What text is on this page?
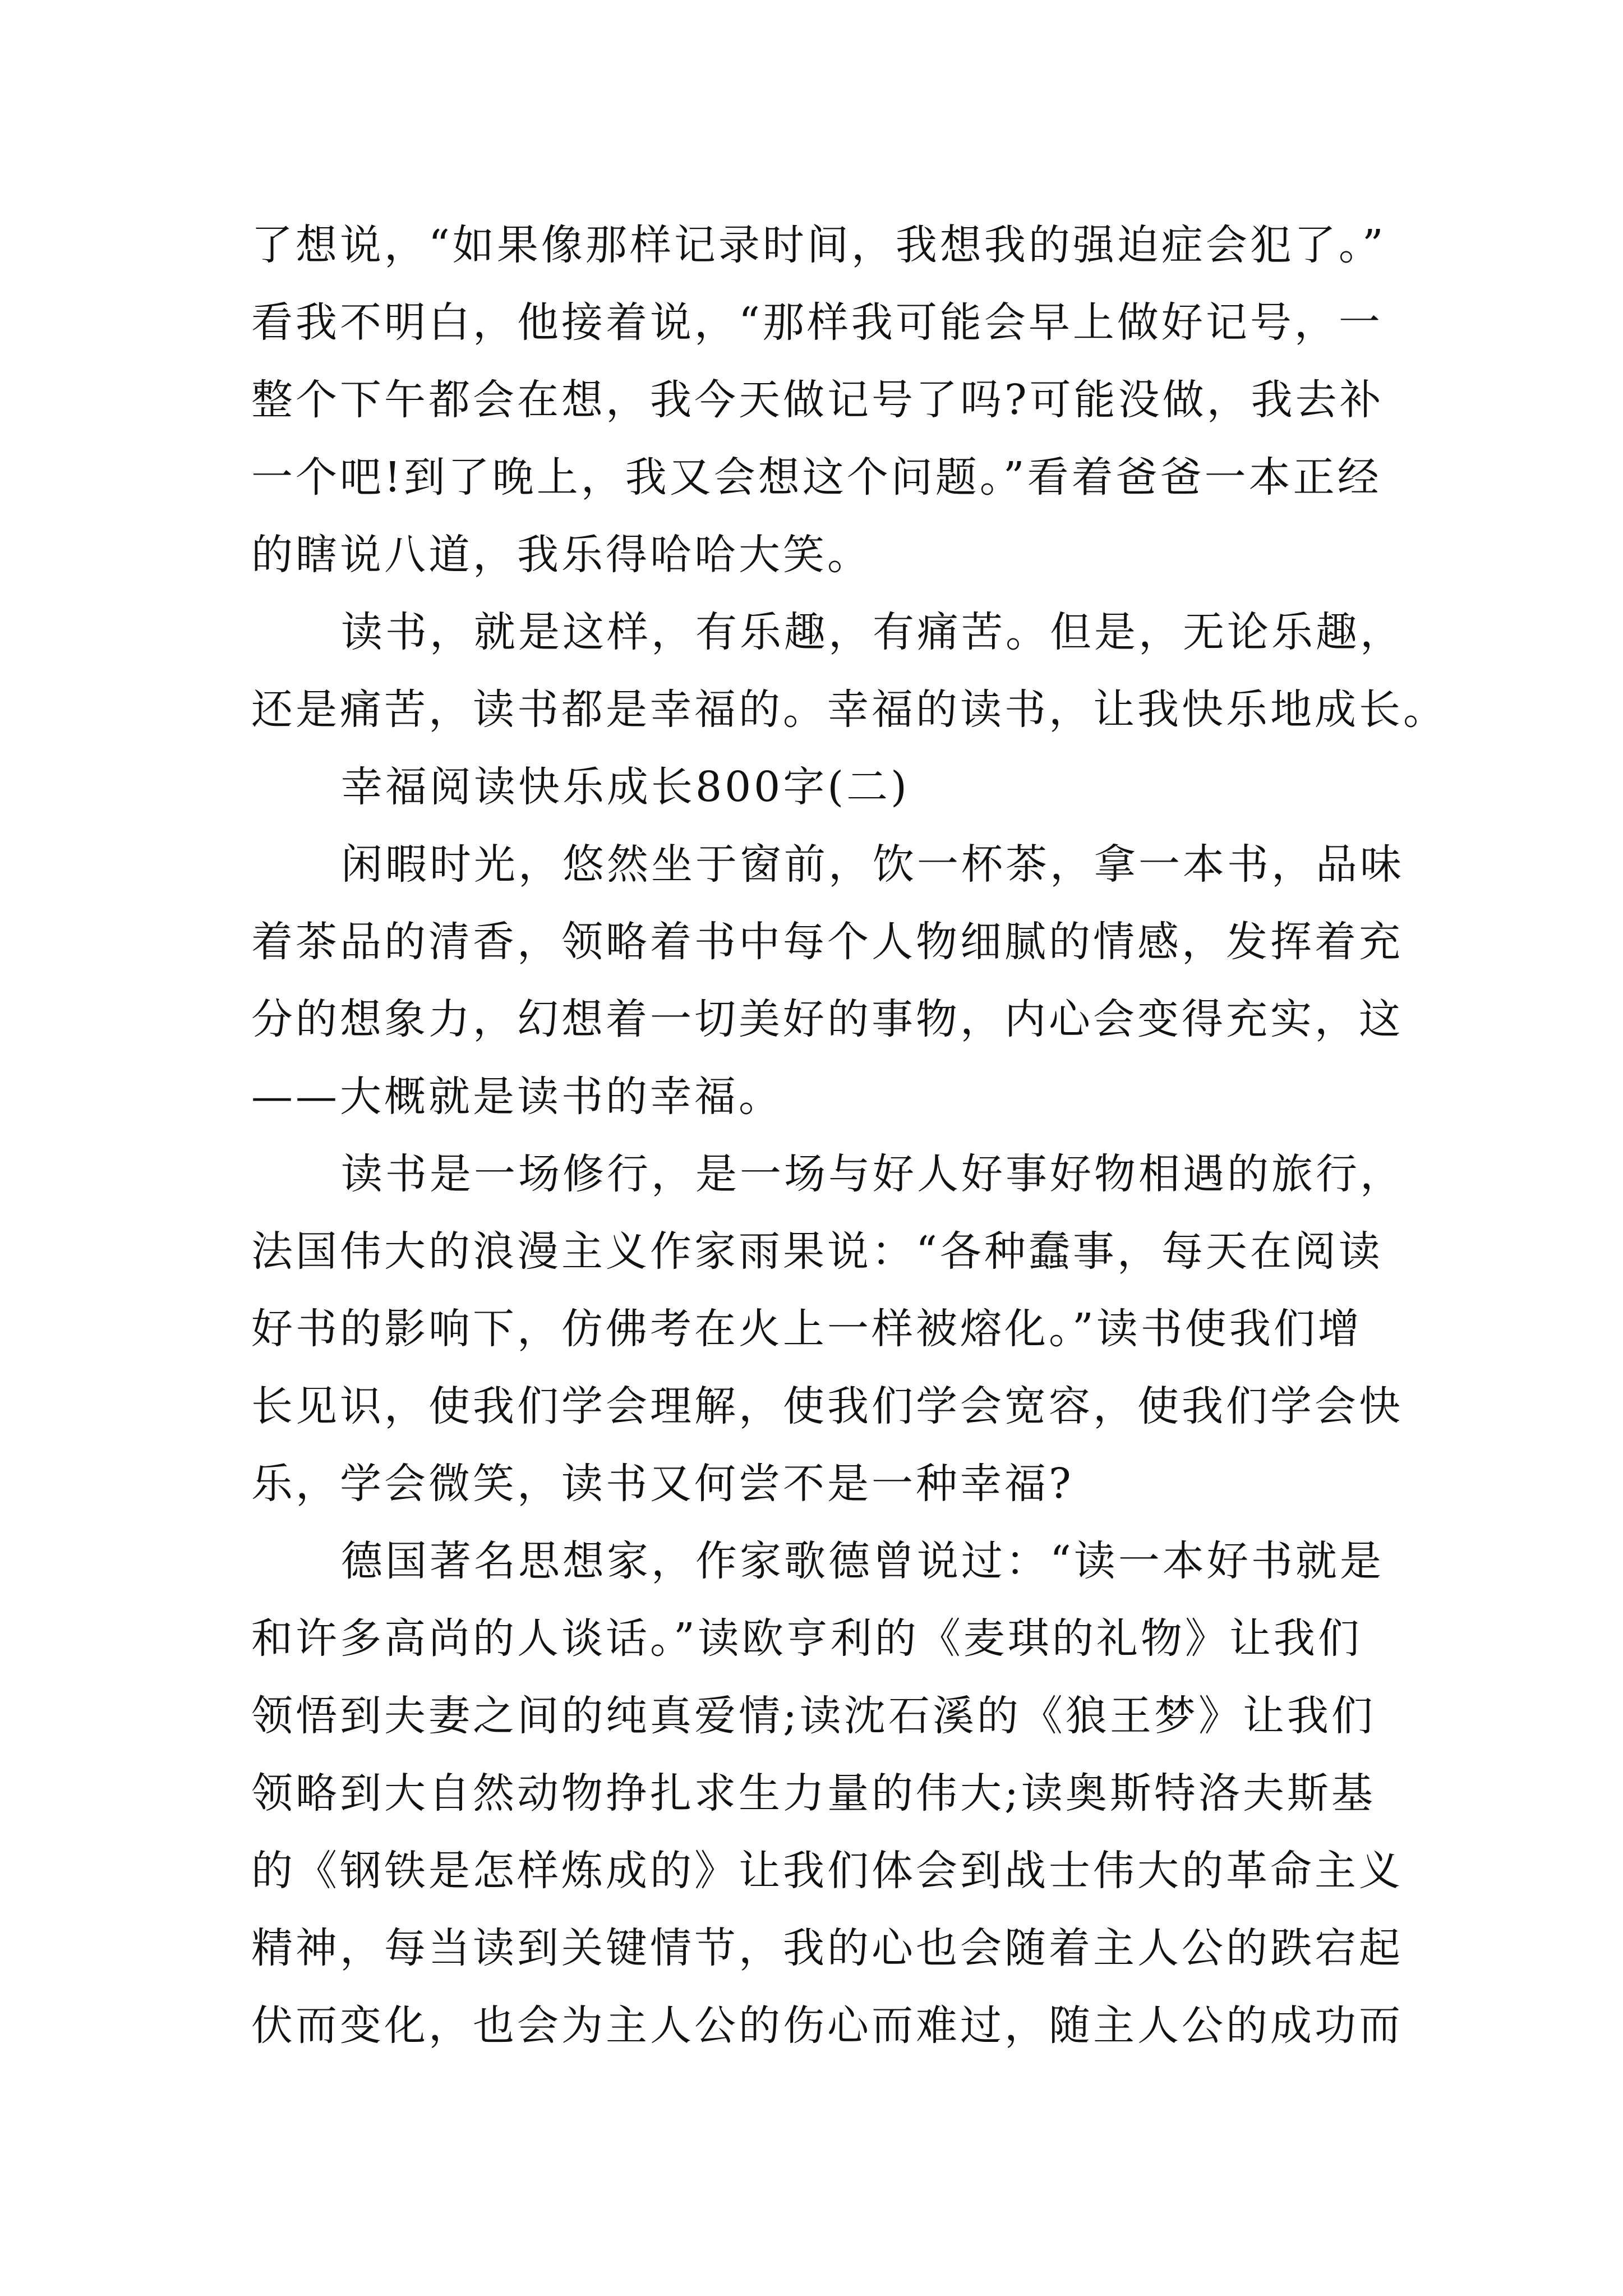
了想说，“如果像那样记录时间，我想我的强迫症会犯了。”
看我不明白，他接着说，“那样我可能会早上做好记号，一
整个下午都会在想，我今天做记号了吗?可能没做，我去补
一个吧!到了晚上，我又会想这个问题。”看着爸爸一本正经
的瞎说八道，我乐得哈哈大笑。
读书，就是这样，有乐趣，有痛苦。但是，无论乐趣，
还是痛苦，读书都是幸福的。幸福的读书，让我快乐地成长。
幸福阅读快乐成长800字(二)
闲暇时光，悠然坐于窗前，饮一杯茶，拿一本书，品味
着茶品的清香，领略着书中每个人物细腻的情感，发挥着充
分的想象力，幻想着一切美好的事物，内心会变得充实，这
——大概就是读书的幸福。
读书是一场修行，是一场与好人好事好物相遇的旅行，
法国伟大的浪漫主义作家雨果说：“各种蠢事，每天在阅读
好书的影响下，仿佛考在火上一样被熔化。”读书使我们增
长见识，使我们学会理解，使我们学会宽容，使我们学会快
乐，学会微笑，读书又何尝不是一种幸福?
德国著名思想家，作家歌德曾说过：“读一本好书就是
和许多高尚的人谈话。”读欧亨利的《麦琪的礼物》让我们
领悟到夫妻之间的纯真爱情;读沈石溪的《狼王梦》让我们
领略到大自然动物挣扎求生力量的伟大;读奥斯特洛夫斯基
的《钢铁是怎样炼成的》让我们体会到战士伟大的革命主义
精神，每当读到关键情节，我的心也会随着主人公的跌宕起
伏而变化，也会为主人公的伤心而难过，随主人公的成功而
